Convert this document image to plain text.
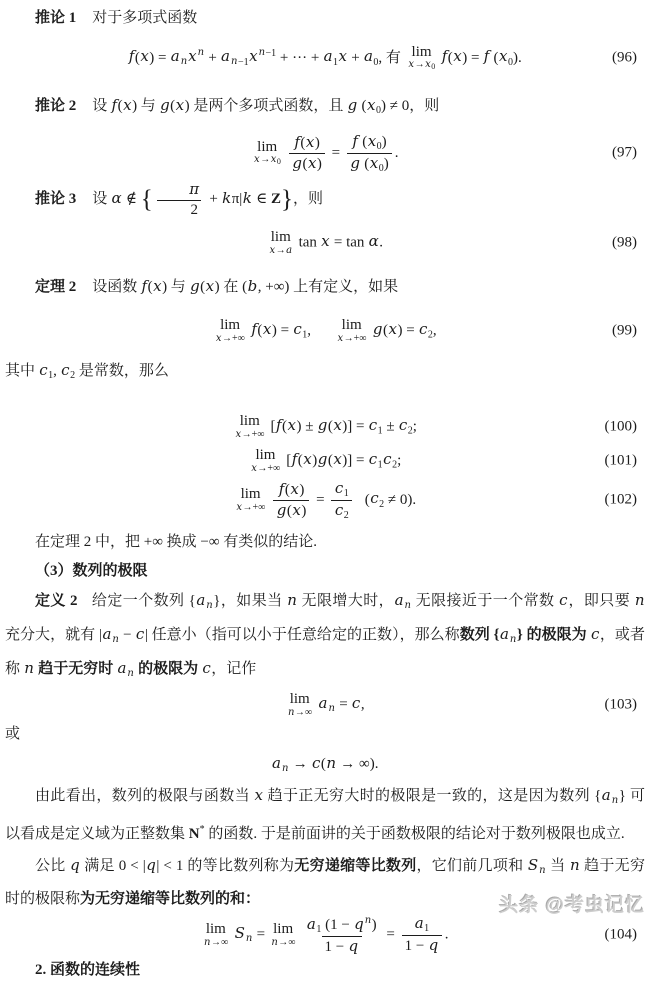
推论 1 对于多项式函数
$f(x) = a_nx^n + a_{n-1}x^{n-1}$ + ··· + $a_1x + a_0$, 有 lim
$x\to x_0$
f(x) = f $(x_0)$.	(96)
推论 2 设 f(x) 与 g(x) 是两个多项式函数，且 g $(x_0) \ne 0$，则
lim
$x\to x_0 \frac{f(x)}{g(x)} = \frac{f (x_0)}{g (x_0)}$ .	(97)
推论 3 设 α ∉ { $\frac{\pi}{2} + k\pi|k$ ∈ Z}，则
lim
x→a tan x = tan α.	(98)
定理 2 设函数 f(x) 与 g(x) 在 (b, +∞) 上有定义，如果
lim
x→+∞ $f(x) = c_1$, lim
x→+∞ $g(x) = c_2$,	(99)
其中 $c_1$, $c_2$ 是常数，那么
lim
x→+∞ $[f(x) \pm g(x)] = c_1 \pm c_2$;	(100)
lim
x→+∞ $[f(x)g(x)] = c_1c_2$;	(101)
lim
$x\to+\infty \frac{f(x)}{g(x)} = \frac{c_1}{c_2} (c_2 \ne 0)$.	(102)
在定理 2 中，把 +∞ 换成 −∞ 有类似的结论.
（3）数列的极限
定义 2 给定一个数列 $\{a_n\}$，如果当 n 无限增大时，$a_n$ 无限接近于一个常数 c，即只要 n 充分大，就有 $|a_n - c|$ 任意小（指可以小于任意给定的正数），那么称数列 $\{a_n\}$ 的极限为 c，或者称 n 趋于无穷时 $a_n$ 的极限为 c，记作
lim
n→∞ $a_n = c$,	(103)
或
$a_n \to c(n$ → ∞).
由此看出，数列的极限与函数当 x 趋于正无穷大时的极限是一致的，这是因为数列 $\{a_n\}$ 可以看成是定义域为正整数集 N* 的函数. 于是前面讲的关于函数极限的结论对于数列极限也成立.
公比 q 满足 0 < |q| < 1 的等比数列称为无穷递缩等比数列，它们前几项和 $S_n$ 当 n 趋于无穷时的极限称为无穷递缩等比数列的和：
lim
n→∞ $S_n = \lim$
$n\to\infty \frac{a_1 (1 - q^n)}{1 - q} = \frac{a_1}{1 - q}$ .	(104)
2. 函数的连续性
头条 @考虫记忆
